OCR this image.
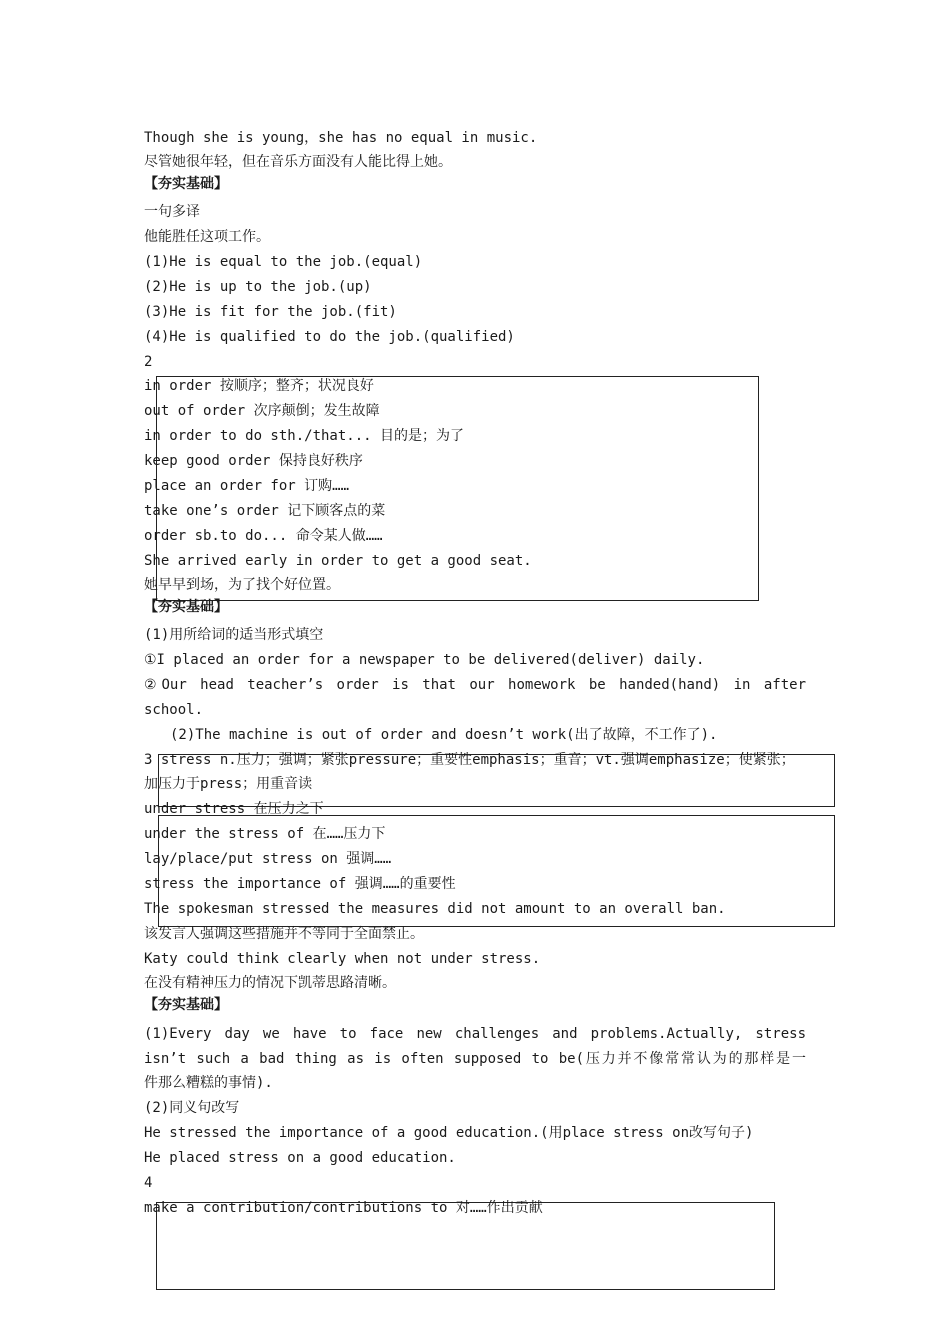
Though she is young，she has no equal in music.
尽管她很年轻，但在音乐方面没有人能比得上她。
【夯实基础】
一句多译
他能胜任这项工作。
(1)He is equal to the job.(equal)
(2)He is up to the job.(up)
(3)He is fit for the job.(fit)
(4)He is qualified to do the job.(qualified)
2
in order 按顺序；整齐；状况良好
out of order 次序颠倒；发生故障
in order to do sth./that... 目的是；为了
keep good order 保持良好秩序
place an order for 订购……
take one’s order 记下顾客点的菜
order sb.to do... 命令某人做……
She arrived early in order to get a good seat.
她早早到场，为了找个好位置。
【夯实基础】
(1)用所给词的适当形式填空
①I placed an order for a newspaper to be delivered(deliver) daily.
②Our head teacher’s order is that our homework be handed(hand) in after
school.
(2)The machine is out of order and doesn’t work(出了故障，不工作了).
3 stress n.压力；强调；紧张pressure；重要性emphasis；重音；vt.强调emphasize；使紧张；
加压力于press；用重音读
under stress 在压力之下
under the stress of 在……压力下
lay/place/put stress on 强调……
stress the importance of 强调……的重要性
The spokesman stressed the measures did not amount to an overall ban.
该发言人强调这些措施并不等同于全面禁止。
Katy could think clearly when not under stress.
在没有精神压力的情况下凯蒂思路清晰。
【夯实基础】
(1)Every day we have to face new challenges and problems.Actually, stress
isn’t such a bad thing as is often supposed to be(压力并不像常常认为的那样是一
件那么糟糕的事情).
(2)同义句改写
He stressed the importance of a good education.(用place stress on改写句子)
He placed stress on a good education.
4
make a contribution/contributions to 对……作出贡献
